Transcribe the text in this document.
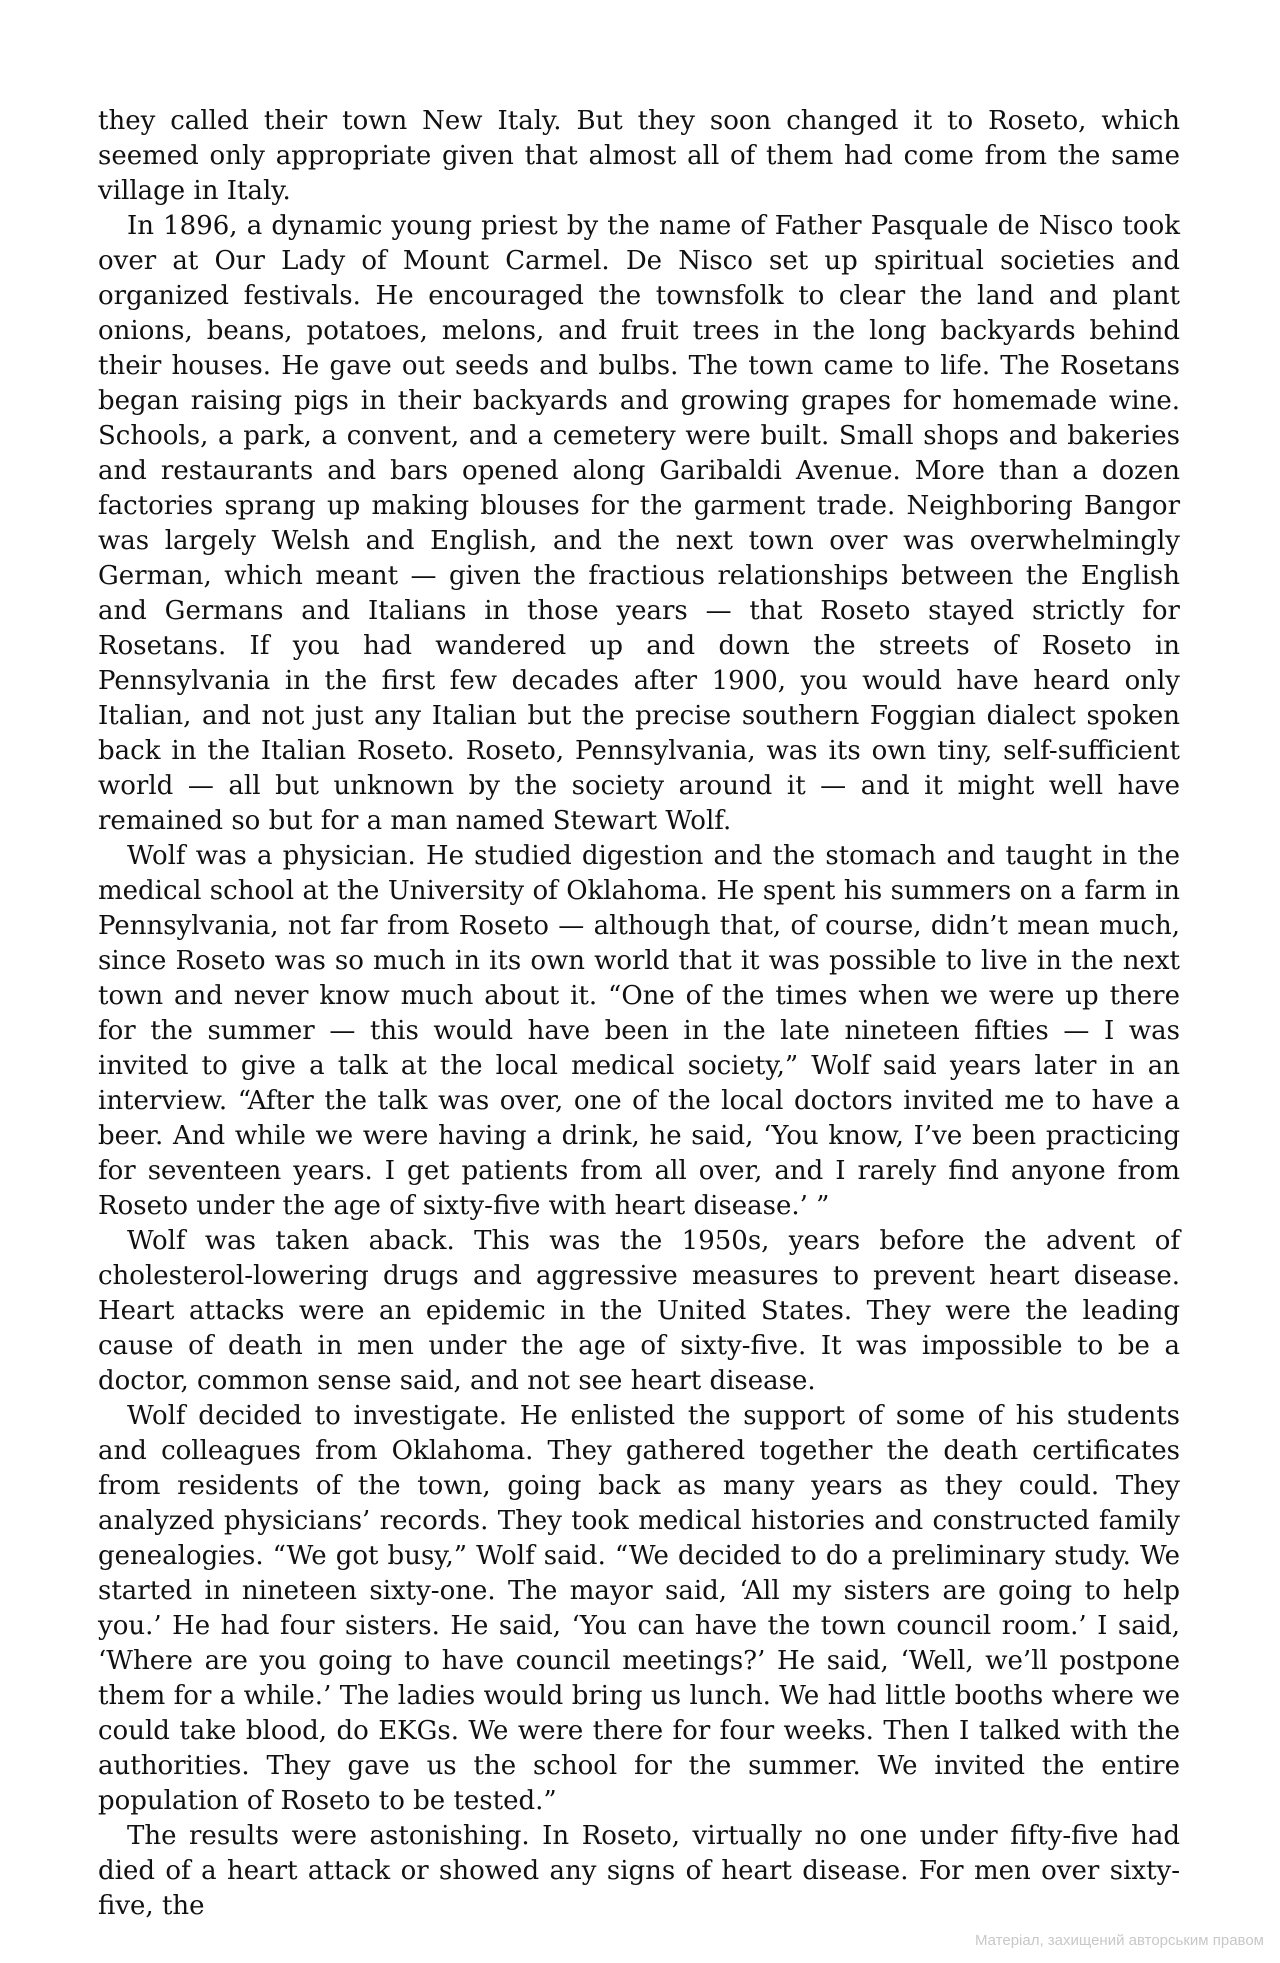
they called their town New Italy. But they soon changed it to Roseto, which seemed only appropriate given that almost all of them had come from the same village in Italy.

In 1896, a dynamic young priest by the name of Father Pasquale de Nisco took over at Our Lady of Mount Carmel. De Nisco set up spiritual societies and organized festivals. He encouraged the townsfolk to clear the land and plant onions, beans, potatoes, melons, and fruit trees in the long backyards behind their houses. He gave out seeds and bulbs. The town came to life. The Rosetans began raising pigs in their backyards and growing grapes for homemade wine. Schools, a park, a convent, and a cemetery were built. Small shops and bakeries and restaurants and bars opened along Garibaldi Avenue. More than a dozen factories sprang up making blouses for the garment trade. Neighboring Bangor was largely Welsh and English, and the next town over was overwhelmingly German, which meant — given the fractious relationships between the English and Germans and Italians in those years — that Roseto stayed strictly for Rosetans. If you had wandered up and down the streets of Roseto in Pennsylvania in the first few decades after 1900, you would have heard only Italian, and not just any Italian but the precise southern Foggian dialect spoken back in the Italian Roseto. Roseto, Pennsylvania, was its own tiny, self-sufficient world — all but unknown by the society around it — and it might well have remained so but for a man named Stewart Wolf.

Wolf was a physician. He studied digestion and the stomach and taught in the medical school at the University of Oklahoma. He spent his summers on a farm in Pennsylvania, not far from Roseto — although that, of course, didn’t mean much, since Roseto was so much in its own world that it was possible to live in the next town and never know much about it. “One of the times when we were up there for the summer — this would have been in the late nineteen fifties — I was invited to give a talk at the local medical society,” Wolf said years later in an interview. “After the talk was over, one of the local doctors invited me to have a beer. And while we were having a drink, he said, ‘You know, I’ve been practicing for seventeen years. I get patients from all over, and I rarely find anyone from Roseto under the age of sixty-five with heart disease.’ ”

Wolf was taken aback. This was the 1950s, years before the advent of cholesterol-lowering drugs and aggressive measures to prevent heart disease. Heart attacks were an epidemic in the United States. They were the leading cause of death in men under the age of sixty-five. It was impossible to be a doctor, common sense said, and not see heart disease.

Wolf decided to investigate. He enlisted the support of some of his students and colleagues from Oklahoma. They gathered together the death certificates from residents of the town, going back as many years as they could. They analyzed physicians’ records. They took medical histories and constructed family genealogies. “We got busy,” Wolf said. “We decided to do a preliminary study. We started in nineteen sixty-one. The mayor said, ‘All my sisters are going to help you.’ He had four sisters. He said, ‘You can have the town council room.’ I said, ‘Where are you going to have council meetings?’ He said, ‘Well, we’ll postpone them for a while.’ The ladies would bring us lunch. We had little booths where we could take blood, do EKGs. We were there for four weeks. Then I talked with the authorities. They gave us the school for the summer. We invited the entire population of Roseto to be tested.”

The results were astonishing. In Roseto, virtually no one under fifty-five had died of a heart attack or showed any signs of heart disease. For men over sixty-five, the

Матеріал, захищений авторським правом
